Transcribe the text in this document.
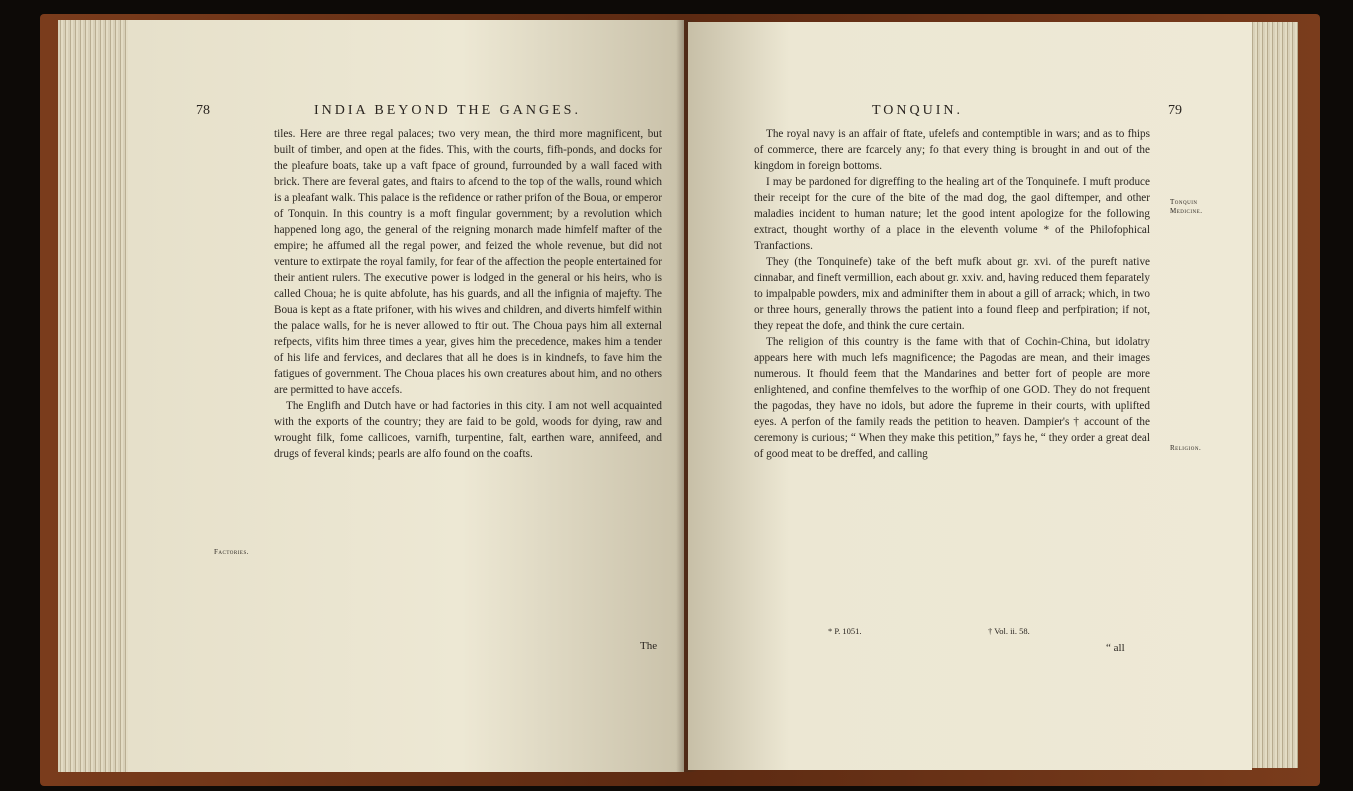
78	INDIA BEYOND THE GANGES.

tiles. Here are three regal palaces; two very mean, the third more magnificent, but built of timber, and open at the fides. This, with the courts, fifh-ponds, and docks for the pleafure boats, take up a vaft fpace of ground, furrounded by a wall faced with brick. There are feveral gates, and ftairs to afcend to the top of the walls, round which is a pleafant walk. This palace is the refidence or rather prifon of the Boua, or emperor of Tonquin. In this country is a moft fingular government; by a revolution which happened long ago, the general of the reigning monarch made himfelf mafter of the empire; he affumed all the regal power, and feized the whole revenue, but did not venture to extirpate the royal family, for fear of the affection the people entertained for their antient rulers. The executive power is lodged in the general or his heirs, who is called Choua; he is quite abfolute, has his guards, and all the infignia of majefty. The Boua is kept as a ftate prifoner, with his wives and children, and diverts himfelf within the palace walls, for he is never allowed to ftir out. The Choua pays him all external refpects, vifits him three times a year, gives him the precedence, makes him a tender of his life and fervices, and declares that all he does is in kindnefs, to fave him the fatigues of government. The Choua places his own creatures about him, and no others are permitted to have accefs.

The Englifh and Dutch have or had factories in this city. I am not well acquainted with the exports of the country; they are faid to be gold, woods for dying, raw and wrought filk, fome callicoes, varnifh, turpentine, falt, earthen ware, annifeed, and drugs of feveral kinds; pearls are alfo found on the coafts.

Factories.
The
TONQUIN.	79

The royal navy is an affair of ftate, ufelefs and contemptible in wars; and as to fhips of commerce, there are fcarcely any; fo that every thing is brought in and out of the kingdom in foreign bottoms.

I may be pardoned for digreffing to the healing art of the Tonquinefe. I muft produce their receipt for the cure of the bite of the mad dog, the gaol diftemper, and other maladies incident to human nature; let the good intent apologize for the following extract, thought worthy of a place in the eleventh volume * of the Philofophical Tranfactions.

They (the Tonquinefe) take of the beft mufk about gr. xvi. of the pureft native cinnabar, and fineft vermillion, each about gr. xxiv. and, having reduced them feparately to impalpable powders, mix and adminifter them in about a gill of arrack; which, in two or three hours, generally throws the patient into a found fleep and perfpiration; if not, they repeat the dofe, and think the cure certain.

The religion of this country is the fame with that of Cochin-China, but idolatry appears here with much lefs magnificence; the Pagodas are mean, and their images numerous. It fhould feem that the Mandarines and better fort of people are more enlightened, and confine themfelves to the worfhip of one GOD. They do not frequent the pagodas, they have no idols, but adore the fupreme in their courts, with uplifted eyes. A perfon of the family reads the petition to heaven. Dampier's † account of the ceremony is curious; “ When they make this petition,” fays he, “ they order a great deal of good meat to be dreffed, and calling

Tonquin Medicine.
Religion.
* P. 1051.	† Vol. ii. 58.
“ all
